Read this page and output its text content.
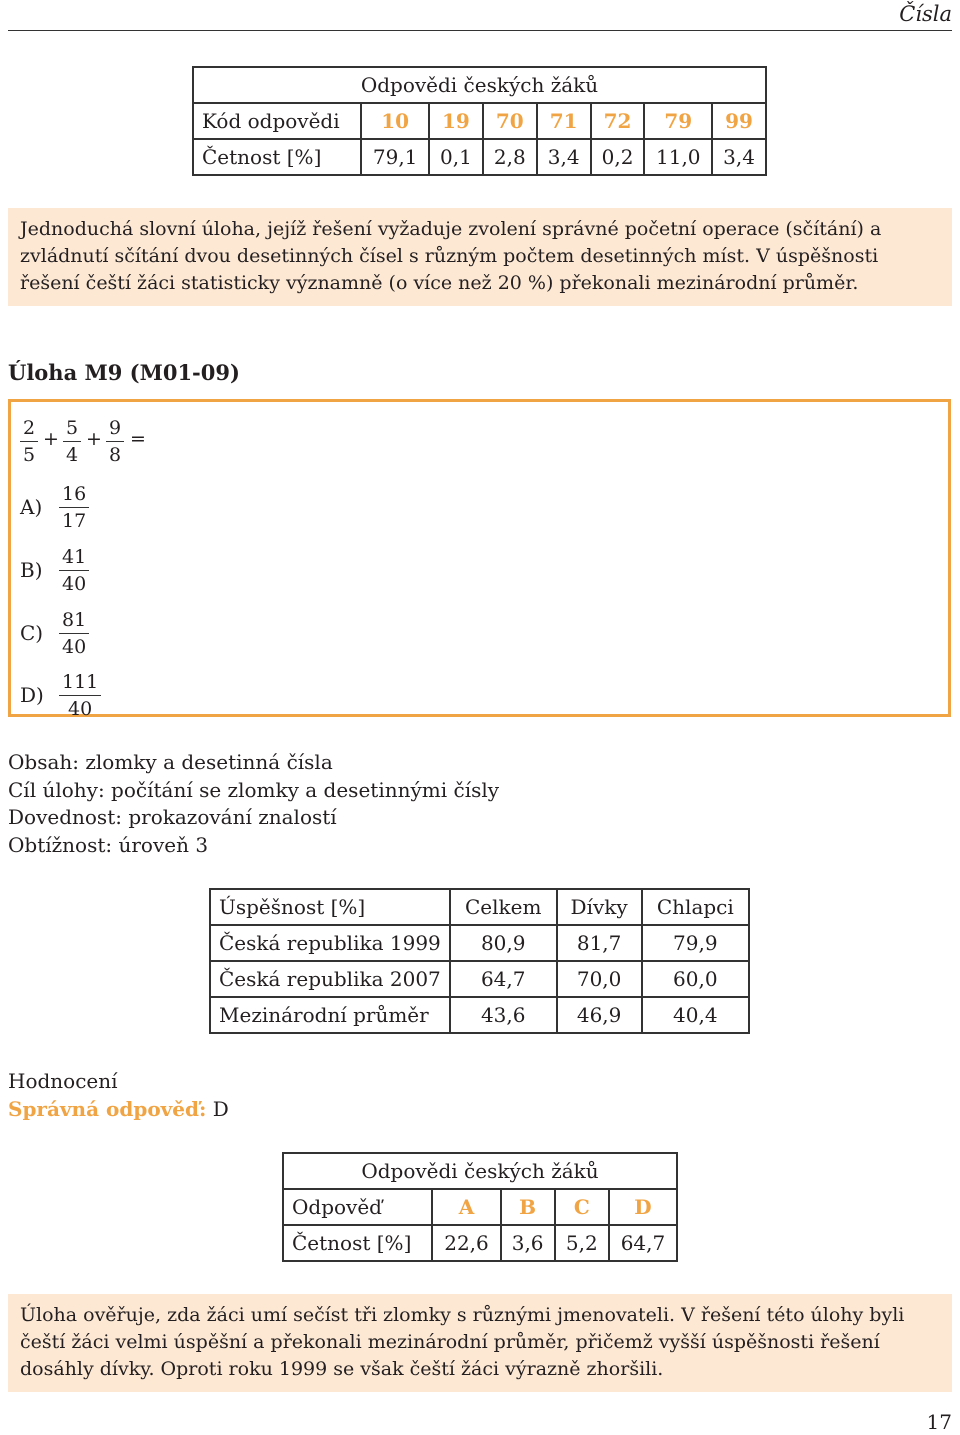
Čísla
Odpovědi českých žáků							
Kód odpovědi	10	19	70	71	72	79	99
Četnost [%]	79,1	0,1	2,8	3,4	0,2	11,0	3,4
Jednoduchá slovní úloha, jejíž řešení vyžaduje zvolení správné početní operace (sčítání) a zvládnutí sčítání dvou desetinných čísel s různým počtem desetinných míst. V úspěšnosti řešení čeští žáci statisticky významně (o více než 20 %) překonali mezinárodní průměr.
Úloha M9 (M01-09)
$\frac{2}{5} + \frac{5}{4} + \frac{9}{8}$ =
$A) \frac{16}{17}$
$B) \frac{41}{40}$
$C) \frac{81}{40}$
$D) \frac{111}{40}$
Obsah: zlomky a desetinná čísla
Cíl úlohy: počítání se zlomky a desetinnými čísly
Dovednost: prokazování znalostí
Obtížnost: úroveň 3
Úspěšnost [%]	Celkem	Dívky	Chlapci
Česká republika 1999	80,9	81,7	79,9
Česká republika 2007	64,7	70,0	60,0
Mezinárodní průměr	43,6	46,9	40,4
Hodnocení
Správná odpověď: D
Odpovědi českých žáků				
Odpověď	A	B	C	D
Četnost [%]	22,6	3,6	5,2	64,7
Úloha ověřuje, zda žáci umí sečíst tři zlomky s různými jmenovateli. V řešení této úlohy byli čeští žáci velmi úspěšní a překonali mezinárodní průměr, přičemž vyšší úspěšnosti řešení dosáhly dívky. Oproti roku 1999 se však čeští žáci výrazně zhoršili.
17
